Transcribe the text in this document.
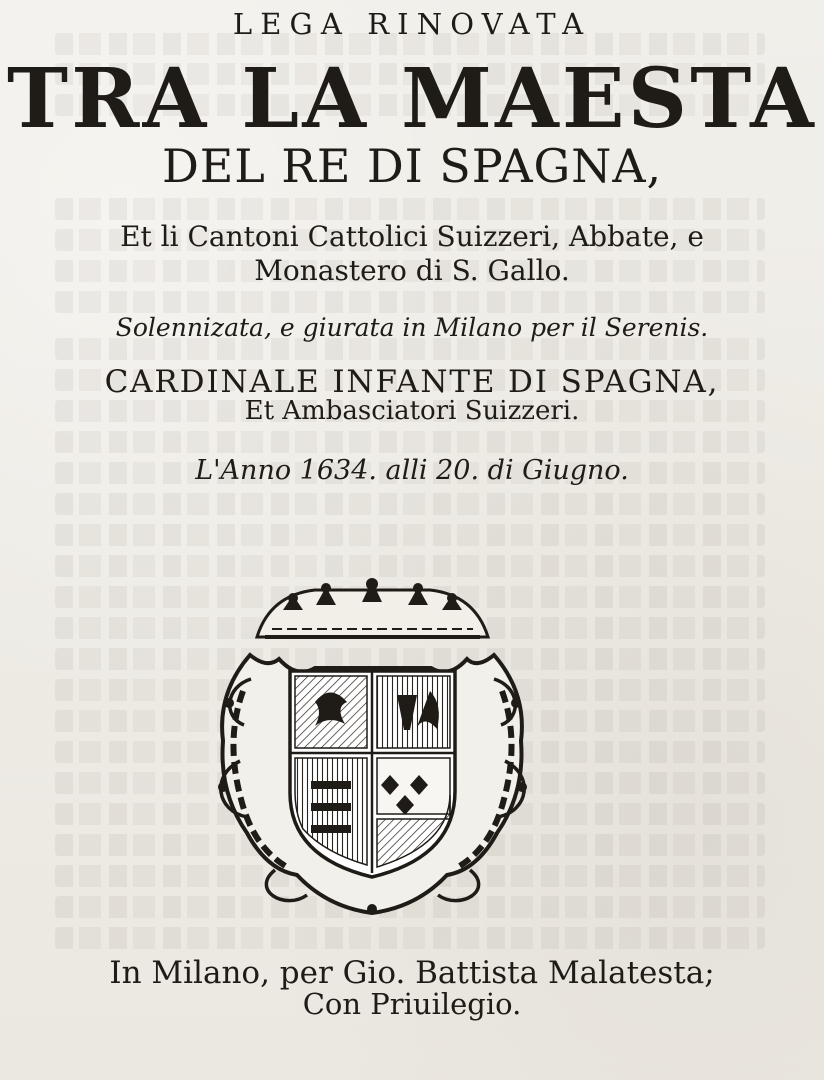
LEGA RINOVATA
TRA LA MAESTA
DEL RE DI SPAGNA,
Et li Cantoni Cattolici Suizzeri, Abbate, e
Monastero di S. Gallo.
Solennizata, e giurata in Milano per il Serenis.
CARDINALE INFANTE DI SPAGNA,
Et Ambasciatori Suizzeri.
L'Anno 1634. alli 20. di Giugno.
In Milano, per Gio. Battista Malatesta;
Con Priuilegio.
